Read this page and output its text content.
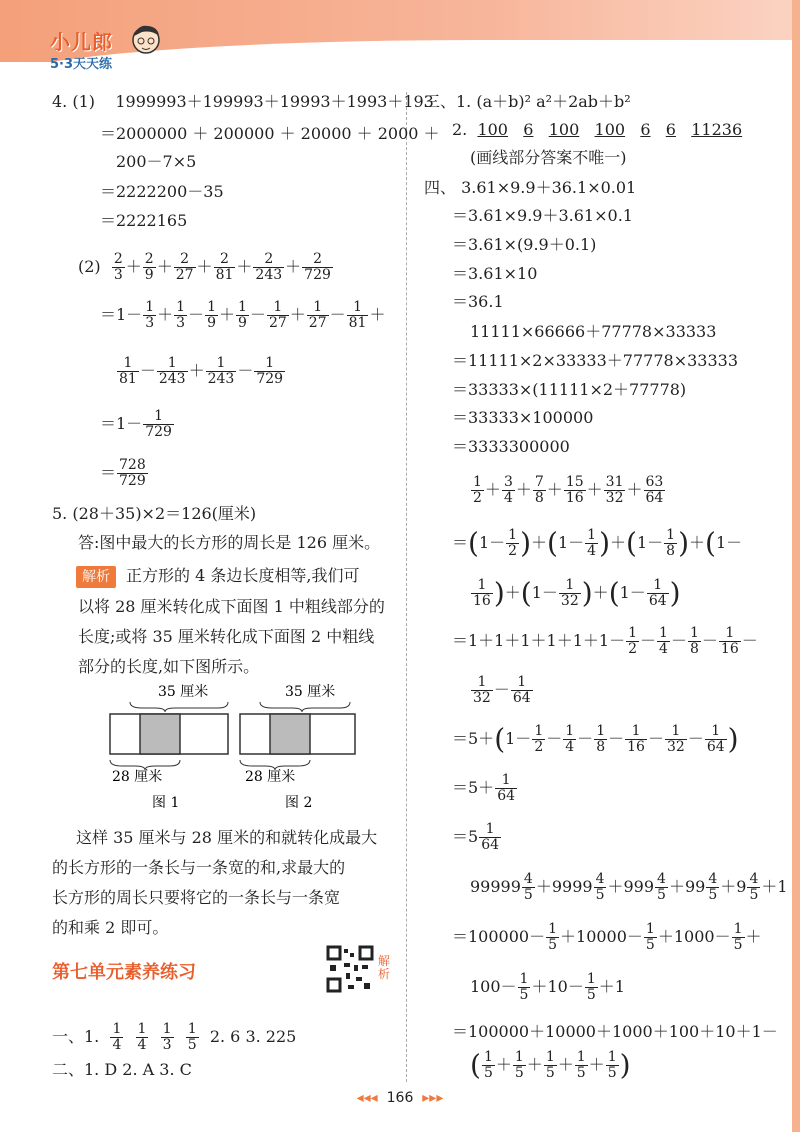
小儿郎
5·3天天练
4. (1) 1999993＋199993＋19993＋1993＋193
＝2000000 ＋ 200000 ＋ 20000 ＋ 2000 ＋
200－7×5
＝2222200－35
＝2222165
$(2) \frac{2}{3} + \frac{2}{9} + \frac{2}{27} + \frac{2}{81} + \frac{2}{243} + \frac{2}{729}$
$=1- \frac{1}{3} + \frac{1}{3} - \frac{1}{9} + \frac{1}{9} - \frac{1}{27} + \frac{1}{27} - \frac{1}{81}$ ＋
$\frac{1}{81} - \frac{1}{243} + \frac{1}{243} - \frac{1}{729}$
$=1- \frac{1}{729}$
＝ $\frac{728}{729}$
5. (28＋35)×2＝126(厘米)
答:图中最大的长方形的周长是 126 厘米。
解析 正方形的 4 条边长度相等,我们可
以将 28 厘米转化成下面图 1 中粗线部分的
长度;或将 35 厘米转化成下面图 2 中粗线
部分的长度,如下图所示。
35 厘米
28 厘米
图 1
35 厘米
28 厘米
图 2
这样 35 厘米与 28 厘米的和就转化成最大
的长方形的一条长与一条宽的和,求最大的
长方形的周长只要将它的一条长与一条宽
的和乘 2 即可。
第七单元素养练习
解析
一、1. $\frac{1}{4}$
$\frac{1}{4}$
$\frac{1}{3}$
$\frac{1}{5} 2$. 6 3. 225
二、1. D 2. A 3. C
三、1. (a＋b)² a²＋2ab＋b²
2. 100 6 100 100 6 6 11236
(画线部分答案不唯一)
四、 3.61×9.9＋36.1×0.01
＝3.61×9.9＋3.61×0.1
＝3.61×(9.9＋0.1)
＝3.61×10
＝36.1
11111×66666＋77778×33333
＝11111×2×33333＋77778×33333
＝33333×(11111×2＋77778)
＝33333×100000
＝3333300000
$\frac{1}{2} + \frac{3}{4} + \frac{7}{8} + \frac{15}{16} + \frac{31}{32} + \frac{63}{64}$
$=(1- \frac{1}{2} )+(1- \frac{1}{4} )+(1- \frac{1}{8} )+(1-$
$\frac{1}{16} )+(1- \frac{1}{32} )+(1- \frac{1}{64}$ )
$=1+1+1+1+1+1- \frac{1}{2} - \frac{1}{4} - \frac{1}{8} - \frac{1}{16}$ －
$\frac{1}{32} - \frac{1}{64}$
$=5+(1- \frac{1}{2} - \frac{1}{4} - \frac{1}{8} - \frac{1}{16} - \frac{1}{32} - \frac{1}{64}$ )
$=5+ \frac{1}{64}$
$=5 \frac{1}{64}$
$99999 \frac{4}{5} +9999 \frac{4}{5} +999 \frac{4}{5} +99 \frac{4}{5} +9 \frac{4}{5} +1$
$=100000- \frac{1}{5} +10000- \frac{1}{5} +1000- \frac{1}{5}$ ＋
$100- \frac{1}{5} +10- \frac{1}{5} +1$
＝100000＋10000＋1000＋100＋10＋1－
( $\frac{1}{5} + \frac{1}{5} + \frac{1}{5} + \frac{1}{5} + \frac{1}{5}$ )
◂◂◂ 166 ▸▸▸
